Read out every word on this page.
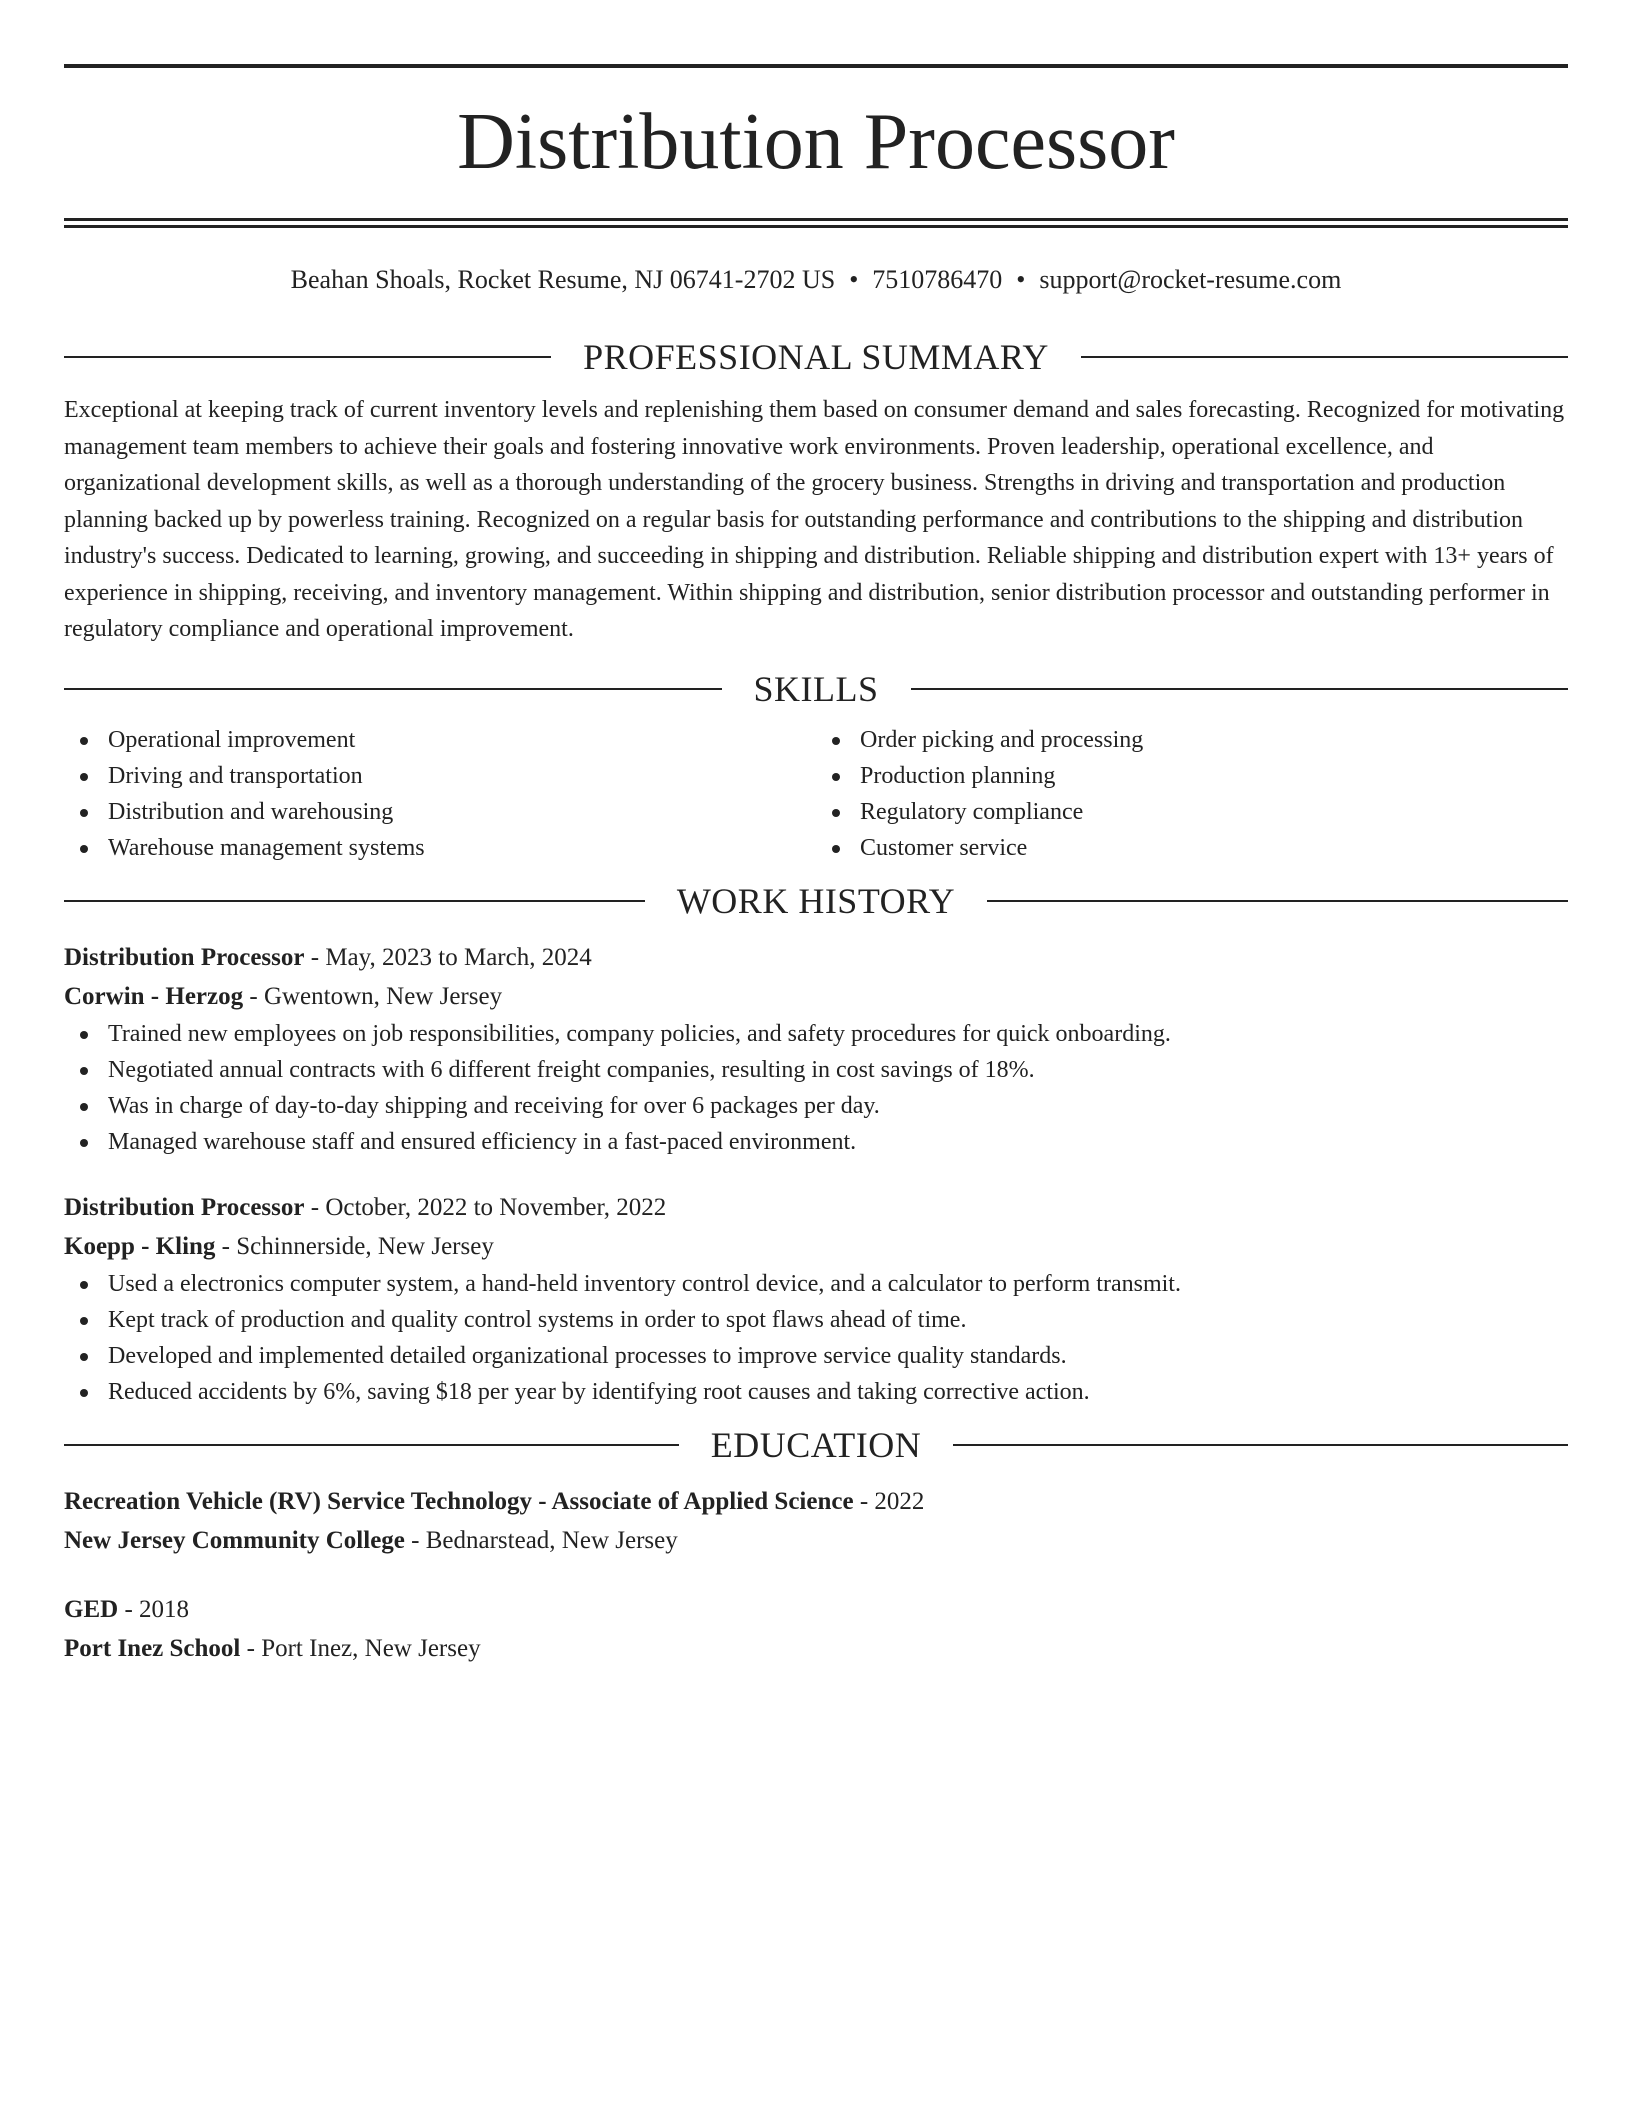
Distribution Processor
Beahan Shoals, Rocket Resume, NJ 06741-2702 US • 7510786470 • support@rocket-resume.com
PROFESSIONAL SUMMARY
Exceptional at keeping track of current inventory levels and replenishing them based on consumer demand and sales forecasting. Recognized for motivating management team members to achieve their goals and fostering innovative work environments. Proven leadership, operational excellence, and organizational development skills, as well as a thorough understanding of the grocery business. Strengths in driving and transportation and production planning backed up by powerless training. Recognized on a regular basis for outstanding performance and contributions to the shipping and distribution industry's success. Dedicated to learning, growing, and succeeding in shipping and distribution. Reliable shipping and distribution expert with 13+ years of experience in shipping, receiving, and inventory management. Within shipping and distribution, senior distribution processor and outstanding performer in regulatory compliance and operational improvement.
SKILLS
Operational improvement
Driving and transportation
Distribution and warehousing
Warehouse management systems
Order picking and processing
Production planning
Regulatory compliance
Customer service
WORK HISTORY
Distribution Processor - May, 2023 to March, 2024
Corwin - Herzog - Gwentown, New Jersey
Trained new employees on job responsibilities, company policies, and safety procedures for quick onboarding.
Negotiated annual contracts with 6 different freight companies, resulting in cost savings of 18%.
Was in charge of day-to-day shipping and receiving for over 6 packages per day.
Managed warehouse staff and ensured efficiency in a fast-paced environment.
Distribution Processor - October, 2022 to November, 2022
Koepp - Kling - Schinnerside, New Jersey
Used a electronics computer system, a hand-held inventory control device, and a calculator to perform transmit.
Kept track of production and quality control systems in order to spot flaws ahead of time.
Developed and implemented detailed organizational processes to improve service quality standards.
Reduced accidents by 6%, saving $18 per year by identifying root causes and taking corrective action.
EDUCATION
Recreation Vehicle (RV) Service Technology - Associate of Applied Science - 2022
New Jersey Community College - Bednarstead, New Jersey
GED - 2018
Port Inez School - Port Inez, New Jersey
